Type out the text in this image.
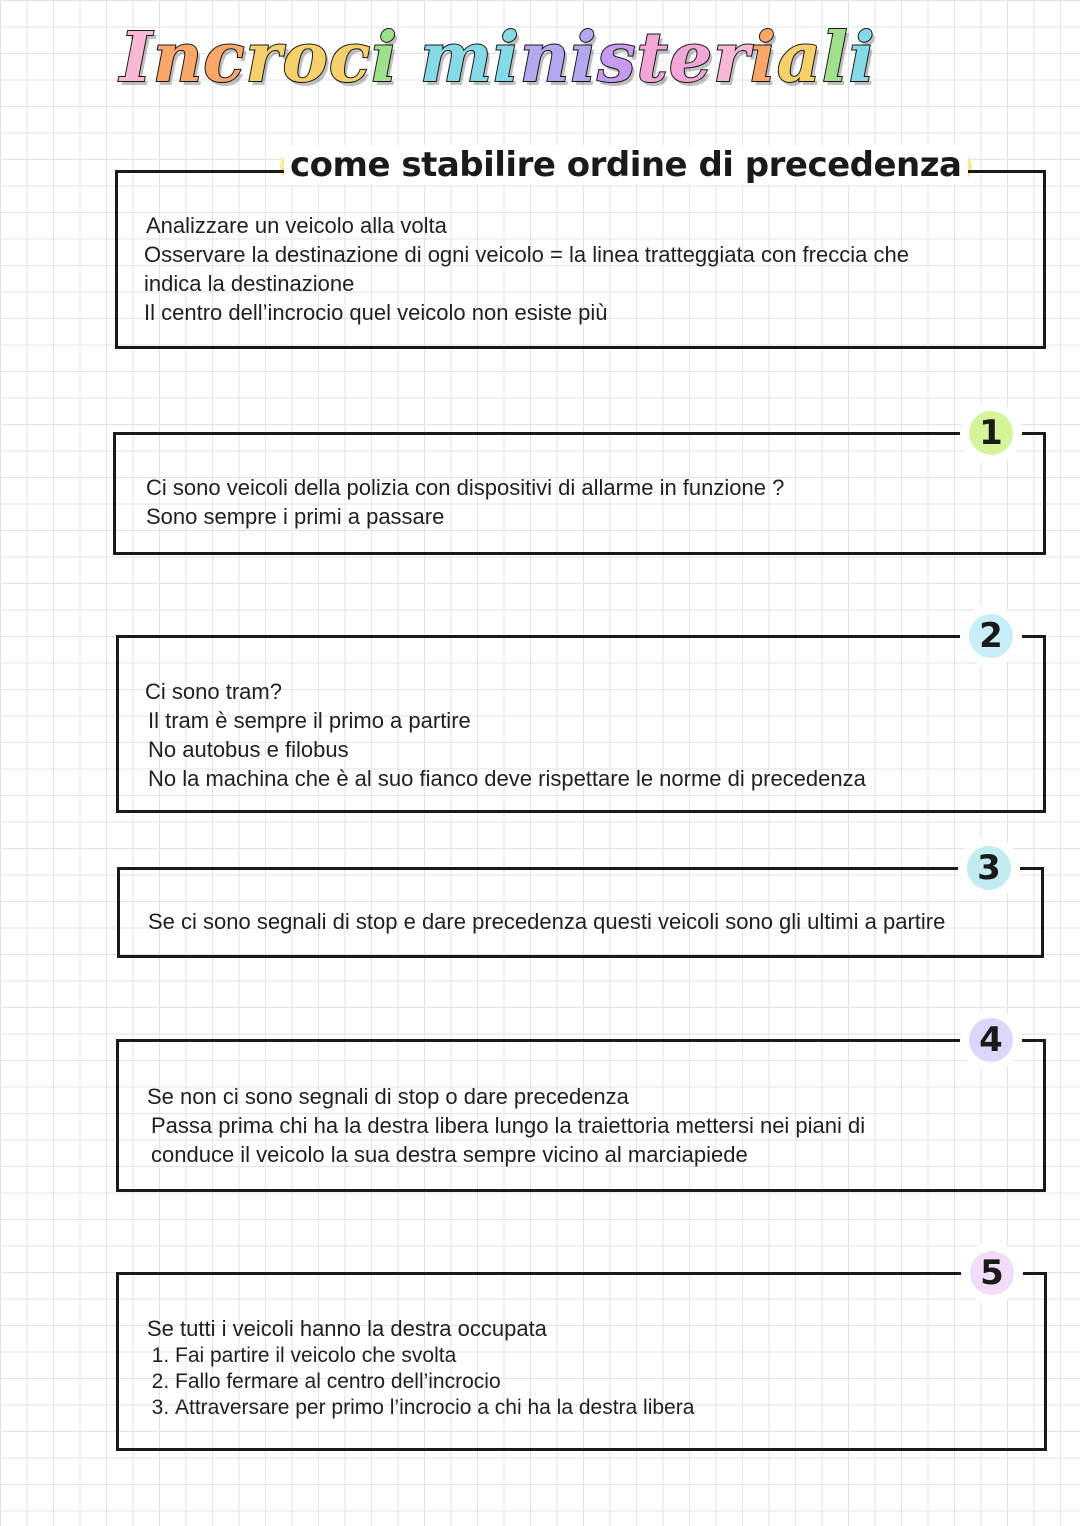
Incroci ministeriali
come stabilire ordine di precedenza
Analizzare un veicolo alla volta
Osservare la destinazione di ogni veicolo = la linea tratteggiata con freccia che
indica la destinazione
Il centro dell’incrocio quel veicolo non esiste più
1
Ci sono veicoli della polizia con dispositivi di allarme in funzione ?
Sono sempre i primi a passare
2
Ci sono tram?
Il tram è sempre il primo a partire
No autobus e filobus
No la machina che è al suo fianco deve rispettare le norme di precedenza
3
Se ci sono segnali di stop e dare precedenza questi veicoli sono gli ultimi a partire
4
Se non ci sono segnali di stop o dare precedenza
Passa prima chi ha la destra libera lungo la traiettoria mettersi nei piani di
conduce il veicolo la sua destra sempre vicino al marciapiede
5
Se tutti i veicoli hanno la destra occupata
1. Fai partire il veicolo che svolta
2. Fallo fermare al centro dell’incrocio
3. Attraversare per primo l’incrocio a chi ha la destra libera
